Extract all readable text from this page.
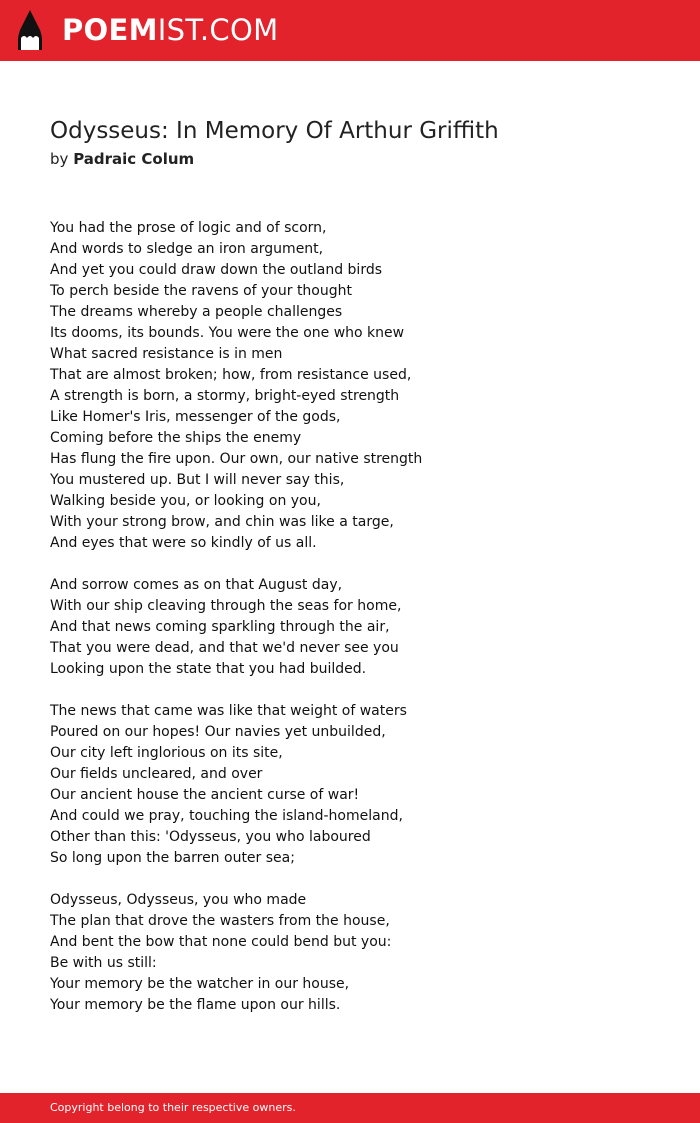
POEMIST.COM
Odysseus: In Memory Of Arthur Griffith
by Padraic Colum
You had the prose of logic and of scorn,
And words to sledge an iron argument,
And yet you could draw down the outland birds
To perch beside the ravens of your thought
The dreams whereby a people challenges
Its dooms, its bounds. You were the one who knew
What sacred resistance is in men
That are almost broken; how, from resistance used,
A strength is born, a stormy, bright-eyed strength
Like Homer's Iris, messenger of the gods,
Coming before the ships the enemy
Has flung the fire upon. Our own, our native strength
You mustered up. But I will never say this,
Walking beside you, or looking on you,
With your strong brow, and chin was like a targe,
And eyes that were so kindly of us all.
And sorrow comes as on that August day,
With our ship cleaving through the seas for home,
And that news coming sparkling through the air,
That you were dead, and that we'd never see you
Looking upon the state that you had builded.
The news that came was like that weight of waters
Poured on our hopes! Our navies yet unbuilded,
Our city left inglorious on its site,
Our fields uncleared, and over
Our ancient house the ancient curse of war!
And could we pray, touching the island-homeland,
Other than this: 'Odysseus, you who laboured
So long upon the barren outer sea;
Odysseus, Odysseus, you who made
The plan that drove the wasters from the house,
And bent the bow that none could bend but you:
Be with us still:
Your memory be the watcher in our house,
Your memory be the flame upon our hills.
Copyright belong to their respective owners.
